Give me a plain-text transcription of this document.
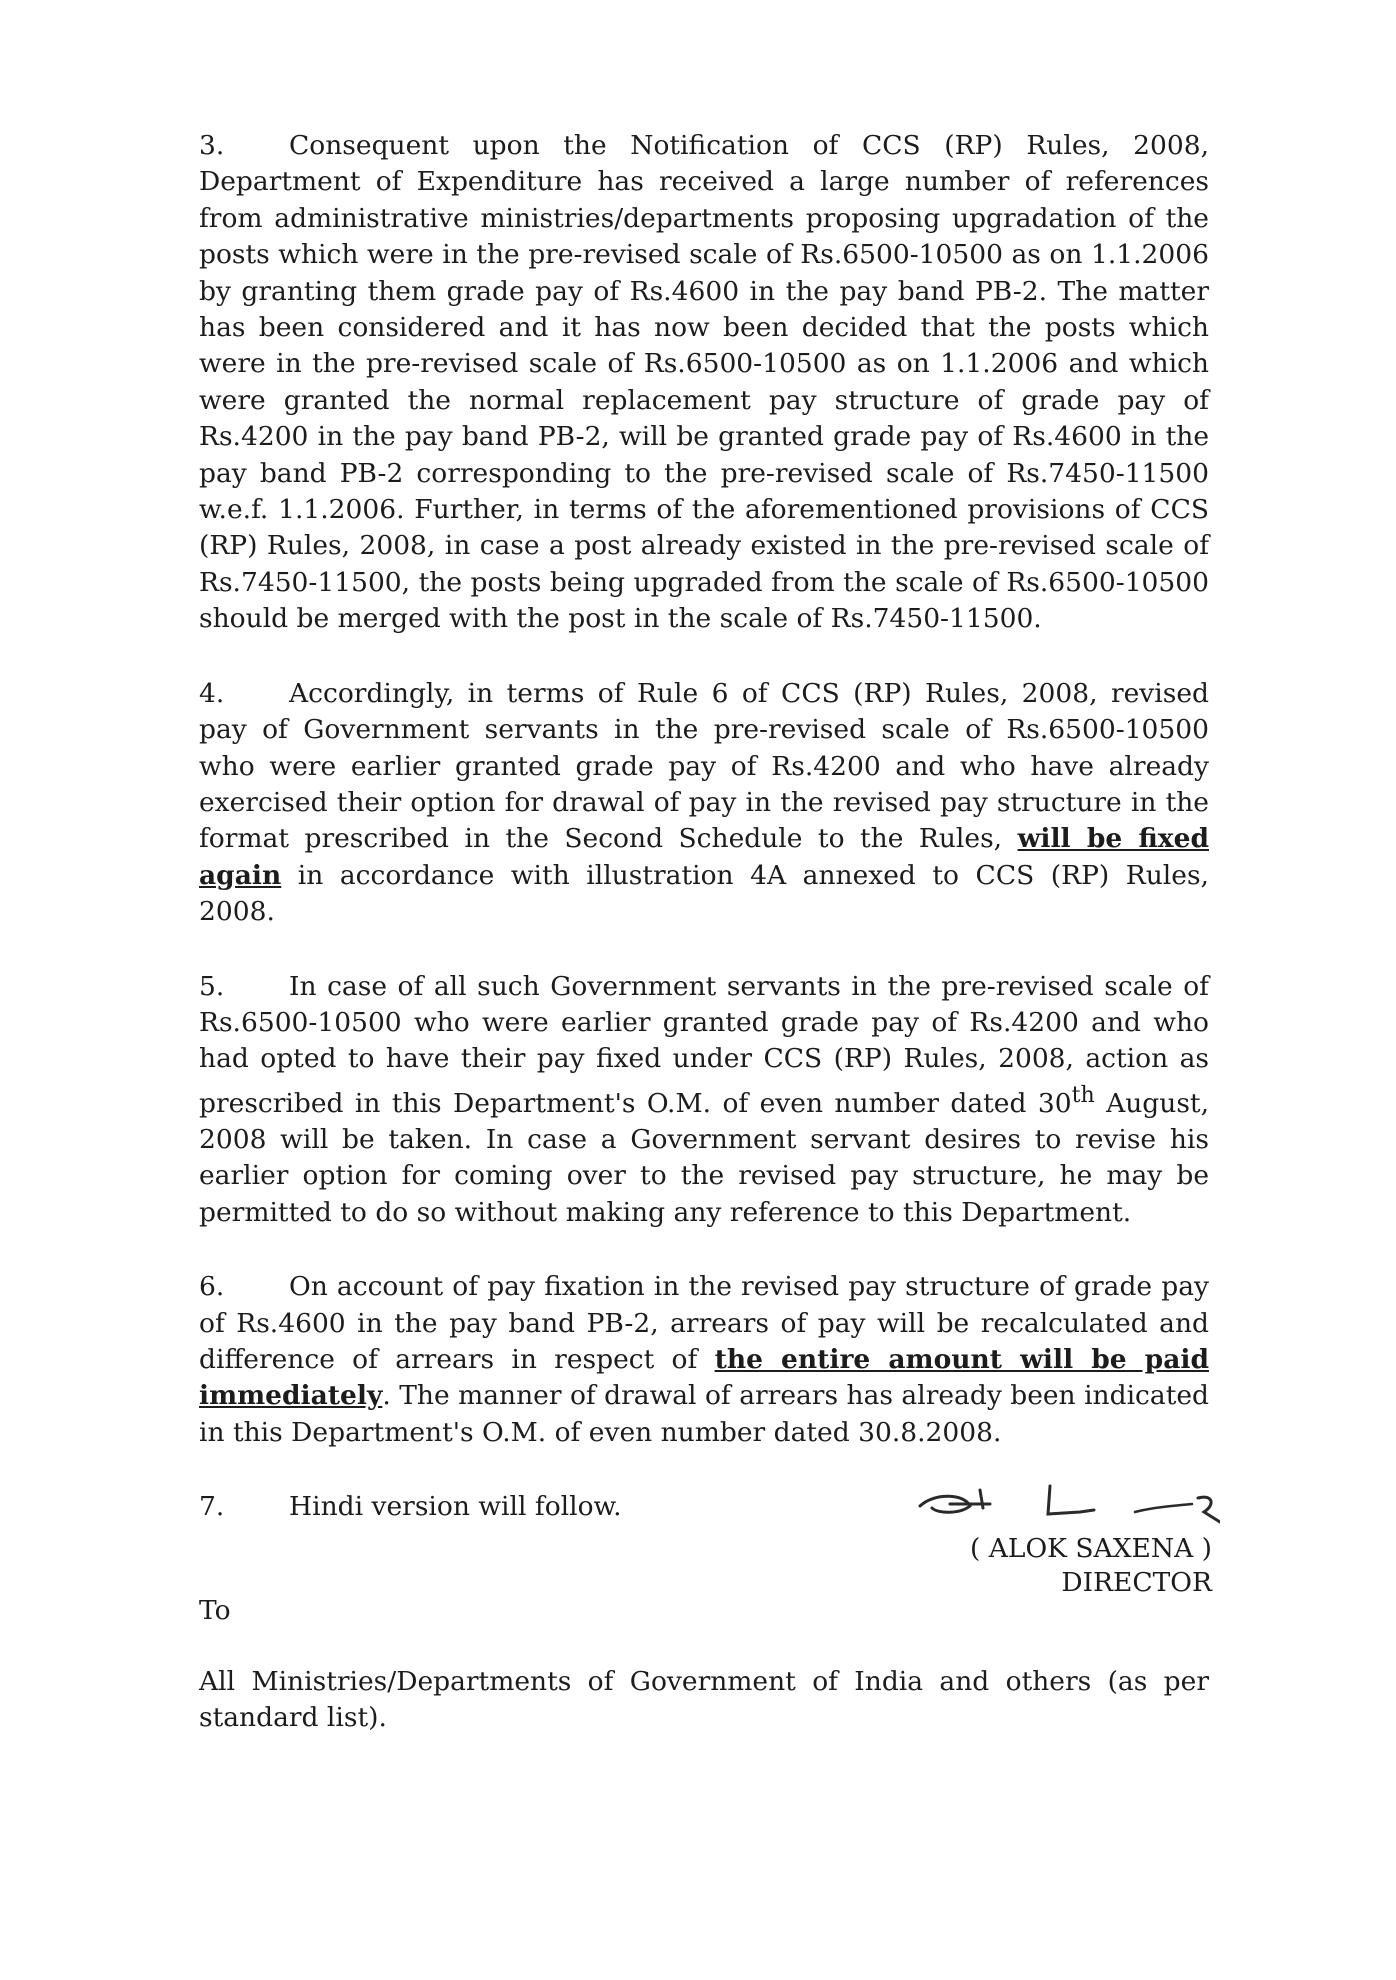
3. Consequent upon the Notification of CCS (RP) Rules, 2008, Department of Expenditure has received a large number of references from administrative ministries/departments proposing upgradation of the posts which were in the pre-revised scale of Rs.6500-10500 as on 1.1.2006 by granting them grade pay of Rs.4600 in the pay band PB-2. The matter has been considered and it has now been decided that the posts which were in the pre-revised scale of Rs.6500-10500 as on 1.1.2006 and which were granted the normal replacement pay structure of grade pay of Rs.4200 in the pay band PB-2, will be granted grade pay of Rs.4600 in the pay band PB-2 corresponding to the pre-revised scale of Rs.7450-11500 w.e.f. 1.1.2006. Further, in terms of the aforementioned provisions of CCS (RP) Rules, 2008, in case a post already existed in the pre-revised scale of Rs.7450-11500, the posts being upgraded from the scale of Rs.6500-10500 should be merged with the post in the scale of Rs.7450-11500.

4. Accordingly, in terms of Rule 6 of CCS (RP) Rules, 2008, revised pay of Government servants in the pre-revised scale of Rs.6500-10500 who were earlier granted grade pay of Rs.4200 and who have already exercised their option for drawal of pay in the revised pay structure in the format prescribed in the Second Schedule to the Rules, will be fixed again in accordance with illustration 4A annexed to CCS (RP) Rules, 2008.

5. In case of all such Government servants in the pre-revised scale of Rs.6500-10500 who were earlier granted grade pay of Rs.4200 and who had opted to have their pay fixed under CCS (RP) Rules, 2008, action as prescribed in this Department's O.M. of even number dated 30th August, 2008 will be taken. In case a Government servant desires to revise his earlier option for coming over to the revised pay structure, he may be permitted to do so without making any reference to this Department.

6. On account of pay fixation in the revised pay structure of grade pay of Rs.4600 in the pay band PB-2, arrears of pay will be recalculated and difference of arrears in respect of the entire amount will be paid immediately. The manner of drawal of arrears has already been indicated in this Department's O.M. of even number dated 30.8.2008.

7. Hindi version will follow.

( ALOK SAXENA )
DIRECTOR
To
All Ministries/Departments of Government of India and others (as per standard list).
